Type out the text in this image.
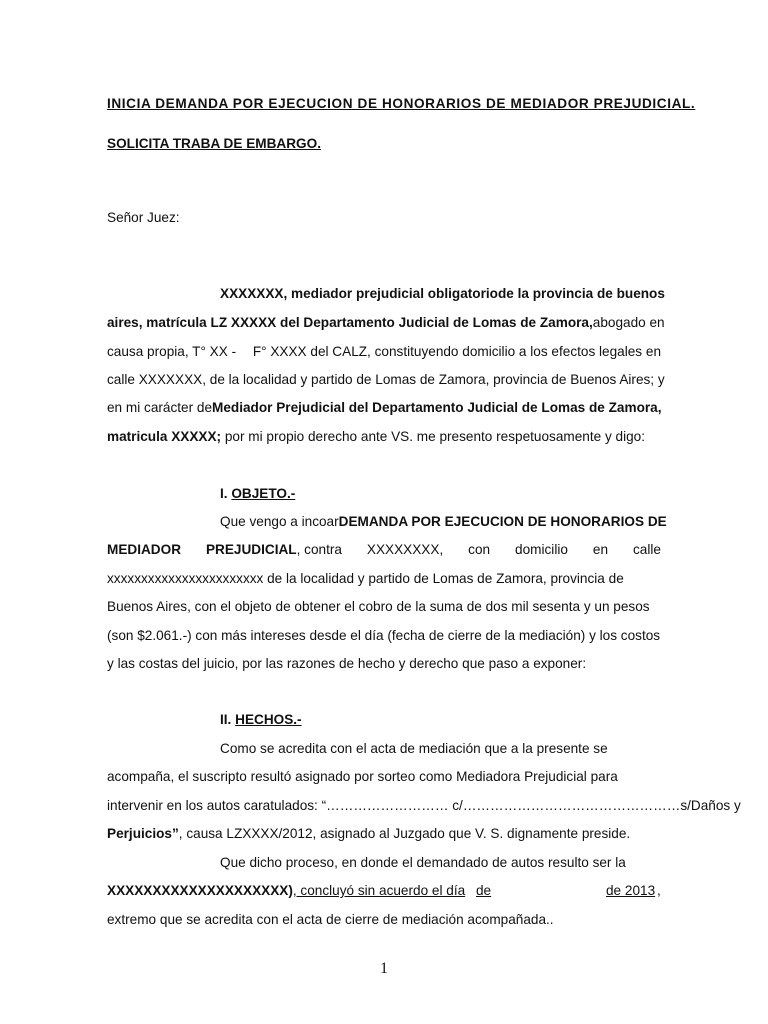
INICIA DEMANDA POR EJECUCION DE HONORARIOS DE MEDIADOR PREJUDICIAL.
SOLICITA TRABA DE EMBARGO.
Señor Juez:
XXXXXXX, mediador prejudicial obligatorio de la provincia de buenos
aires, matrícula LZ XXXXX del Departamento Judicial de Lomas de Zamora, abogado en
causa propia, T° XX - F° XXXX del CALZ, constituyendo domicilio a los efectos legales en
calle XXXXXXX, de la localidad y partido de Lomas de Zamora, provincia de Buenos Aires; y
en mi carácter de Mediador Prejudicial del Departamento Judicial de Lomas de Zamora,
matricula XXXXX; por mi propio derecho ante VS. me presento respetuosamente y digo:
I. OBJETO.-
Que vengo a incoar DEMANDA POR EJECUCION DE HONORARIOS DE
MEDIADOR PREJUDICIAL, contra XXXXXXXX, con domicilio en calle
xxxxxxxxxxxxxxxxxxxxxxx de la localidad y partido de Lomas de Zamora, provincia de
Buenos Aires, con el objeto de obtener el cobro de la suma de dos mil sesenta y un pesos
(son $2.061.-) con más intereses desde el día (fecha de cierre de la mediación) y los costos
y las costas del juicio, por las razones de hecho y derecho que paso a exponer:
II. HECHOS.-
Como se acredita con el acta de mediación que a la presente se
acompaña, el suscripto resultó asignado por sorteo como Mediadora Prejudicial para
intervenir en los autos caratulados: “……………………… c/…………………………………………s/Daños y
Perjuicios”, causa LZXXXX/2012, asignado al Juzgado que V. S. dignamente preside.
Que dicho proceso, en donde el demandado de autos resulto ser la
XXXXXXXXXXXXXXXXXXXX), concluyó sin acuerdo el día de	de 2013 ,
extremo que se acredita con el acta de cierre de mediación acompañada..
1
